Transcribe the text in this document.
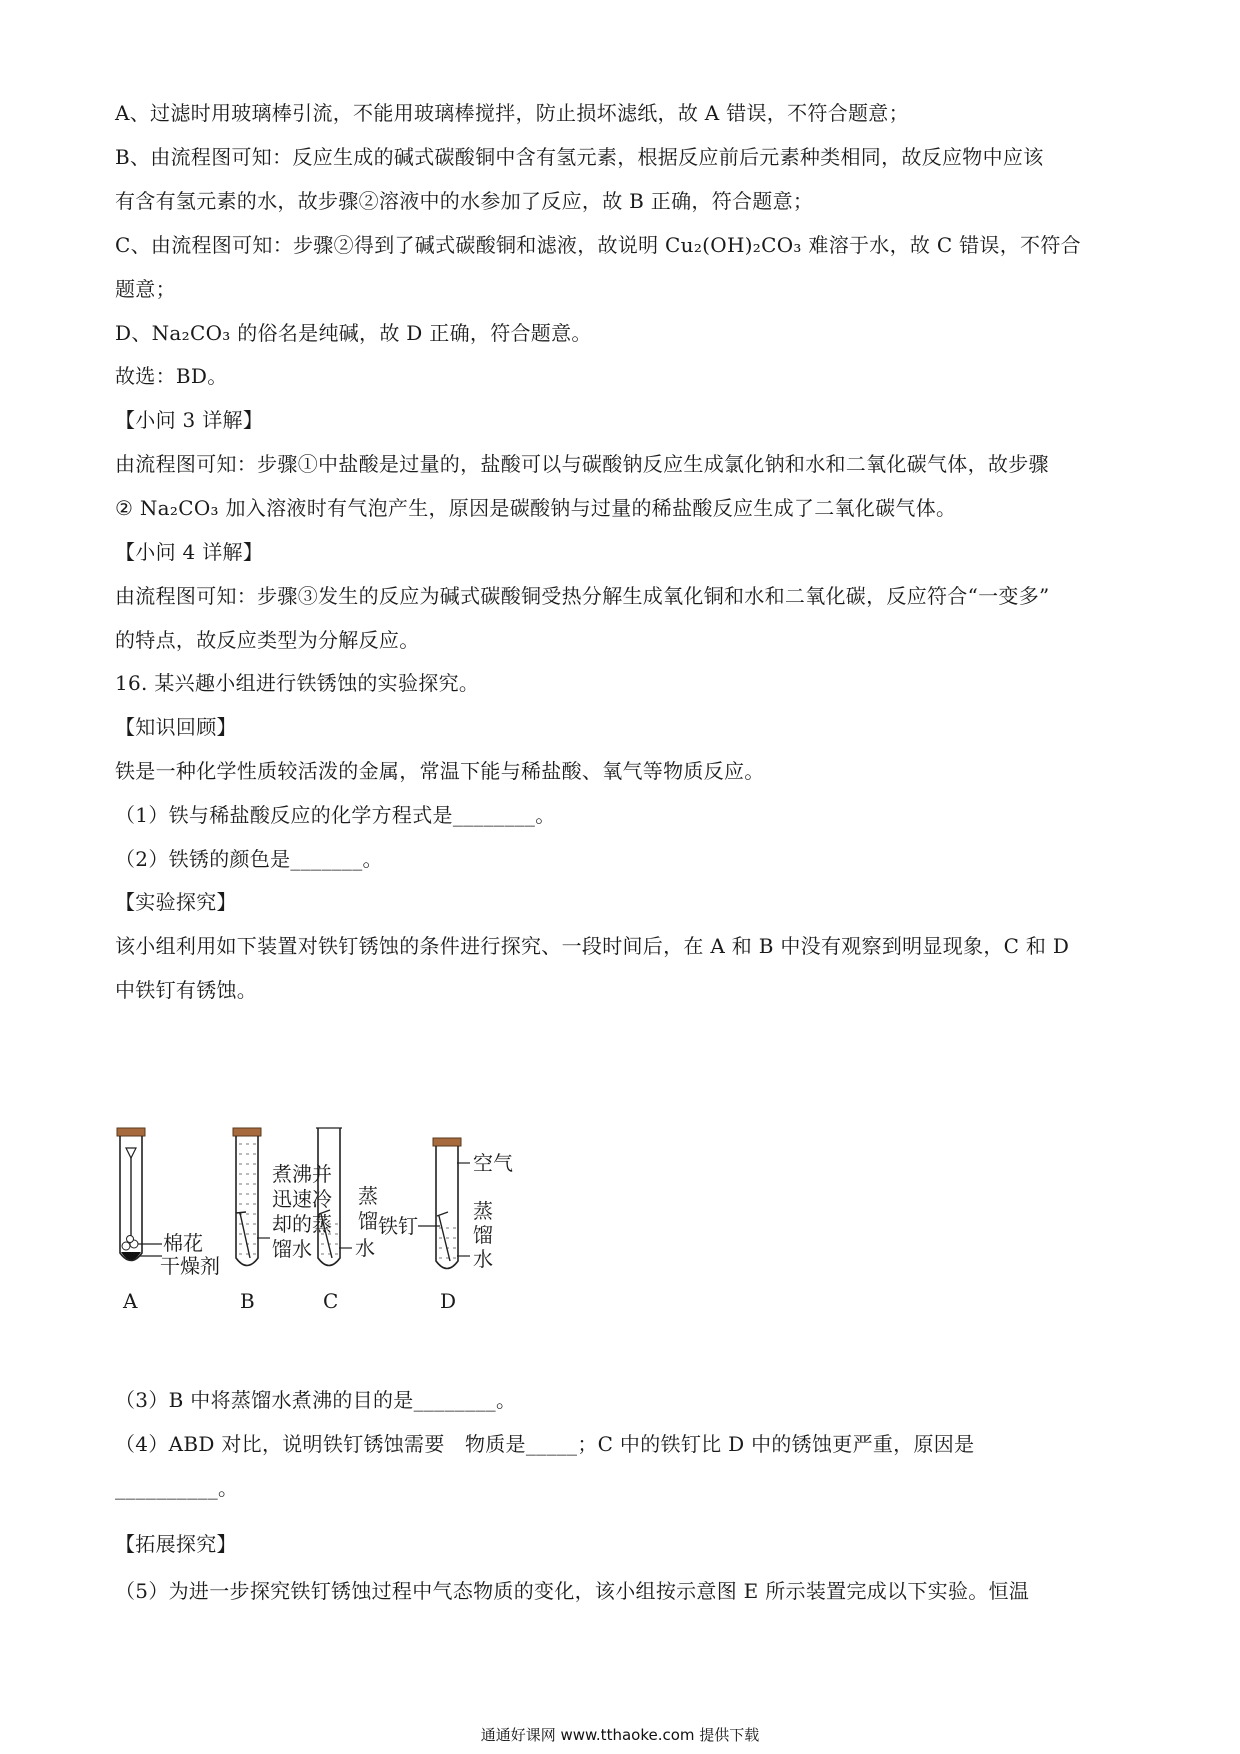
A、过滤时用玻璃棒引流，不能用玻璃棒搅拌，防止损坏滤纸，故 A 错误，不符合题意；
B、由流程图可知：反应生成的碱式碳酸铜中含有氢元素，根据反应前后元素种类相同，故反应物中应该
有含有氢元素的水，故步骤②溶液中的水参加了反应，故 B 正确，符合题意；
C、由流程图可知：步骤②得到了碱式碳酸铜和滤液，故说明 Cu₂(OH)₂CO₃ 难溶于水，故 C 错误，不符合
题意；
D、Na₂CO₃ 的俗名是纯碱，故 D 正确，符合题意。
故选：BD。
【小问 3 详解】
由流程图可知：步骤①中盐酸是过量的，盐酸可以与碳酸钠反应生成氯化钠和水和二氧化碳气体，故步骤
② Na₂CO₃ 加入溶液时有气泡产生，原因是碳酸钠与过量的稀盐酸反应生成了二氧化碳气体。
【小问 4 详解】
由流程图可知：步骤③发生的反应为碱式碳酸铜受热分解生成氧化铜和水和二氧化碳，反应符合“一变多”
的特点，故反应类型为分解反应。
16. 某兴趣小组进行铁锈蚀的实验探究。
【知识回顾】
铁是一种化学性质较活泼的金属，常温下能与稀盐酸、氧气等物质反应。
（1）铁与稀盐酸反应的化学方程式是________。
（2）铁锈的颜色是_______。
【实验探究】
该小组利用如下装置对铁钉锈蚀的条件进行探究、一段时间后，在 A 和 B 中没有观察到明显现象，C 和 D
中铁钉有锈蚀。
棉花
干燥剂
煮沸并
迅速冷
却的蒸
馏水
蒸
馏
水
空气
铁钉
蒸
馏
水
A	B	C	D
（3）B 中将蒸馏水煮沸的目的是________。
（4）ABD 对比，说明铁钉锈蚀需要　物质是_____；C 中的铁钉比 D 中的锈蚀更严重，原因是
__________。
【拓展探究】
（5）为进一步探究铁钉锈蚀过程中气态物质的变化，该小组按示意图 E 所示装置完成以下实验。恒温
通通好课网 www.tthaoke.com 提供下载
